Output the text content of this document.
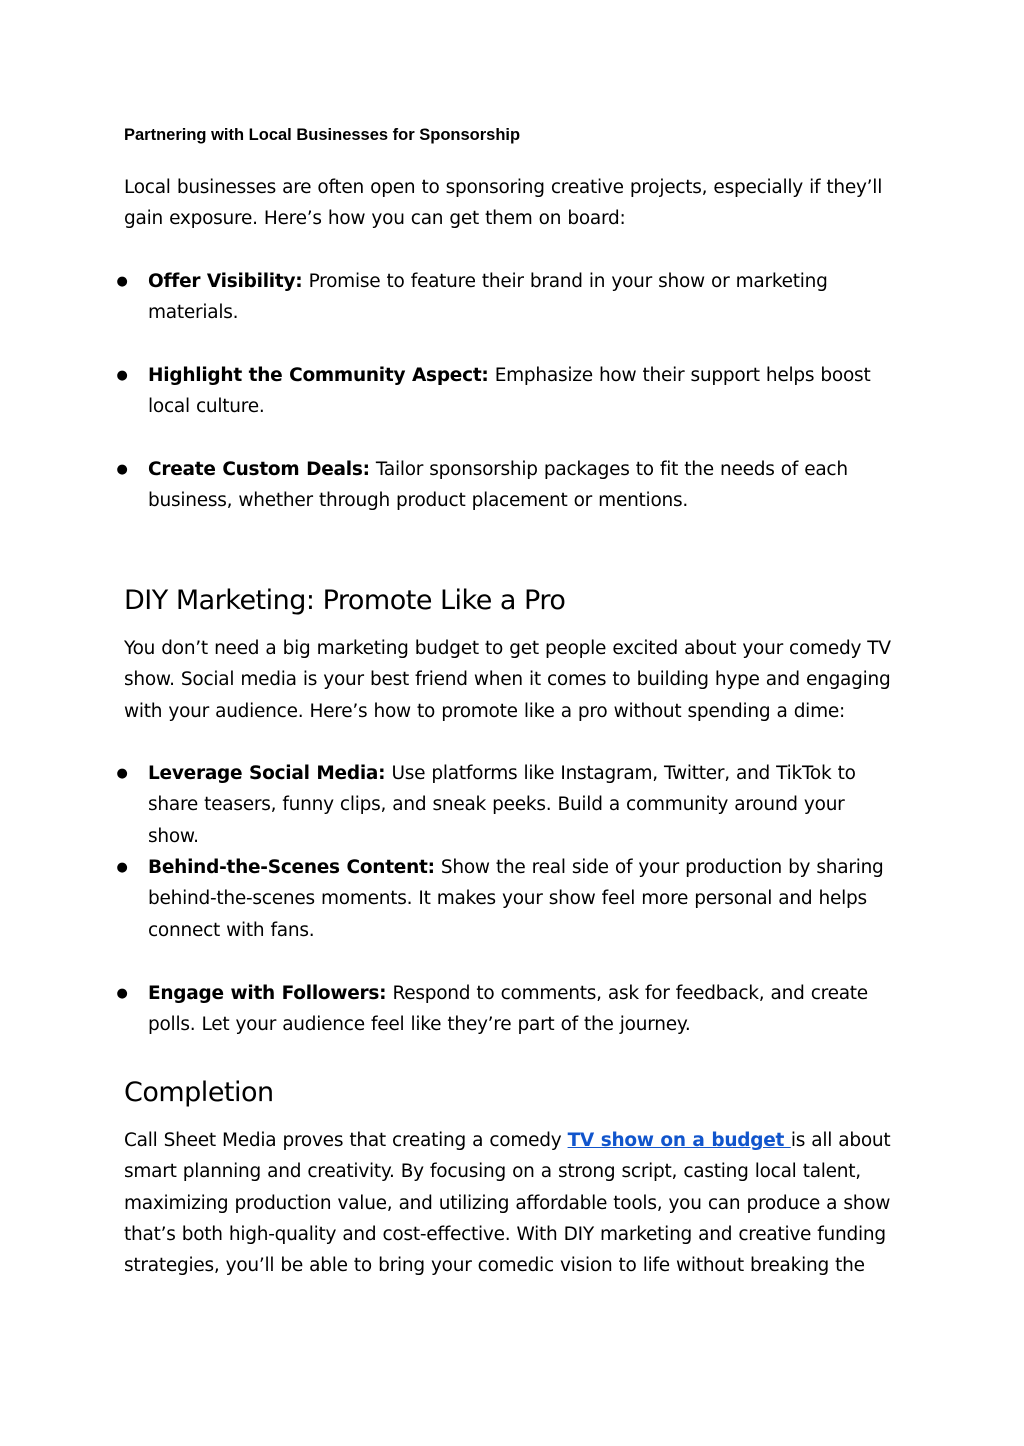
Partnering with Local Businesses for Sponsorship

Local businesses are often open to sponsoring creative projects, especially if they’ll gain exposure. Here’s how you can get them on board:

● Offer Visibility: Promise to feature their brand in your show or marketing materials.
● Highlight the Community Aspect: Emphasize how their support helps boost local culture.
● Create Custom Deals: Tailor sponsorship packages to fit the needs of each business, whether through product placement or mentions.
DIY Marketing: Promote Like a Pro

You don’t need a big marketing budget to get people excited about your comedy TV show. Social media is your best friend when it comes to building hype and engaging with your audience. Here’s how to promote like a pro without spending a dime:

● Leverage Social Media: Use platforms like Instagram, Twitter, and TikTok to share teasers, funny clips, and sneak peeks. Build a community around your show.
● Behind-the-Scenes Content: Show the real side of your production by sharing behind-the-scenes moments. It makes your show feel more personal and helps connect with fans.
● Engage with Followers: Respond to comments, ask for feedback, and create polls. Let your audience feel like they’re part of the journey.
Completion

Call Sheet Media proves that creating a comedy TV show on a budget is all about smart planning and creativity. By focusing on a strong script, casting local talent, maximizing production value, and utilizing affordable tools, you can produce a show that’s both high-quality and cost-effective. With DIY marketing and creative funding strategies, you’ll be able to bring your comedic vision to life without breaking the
